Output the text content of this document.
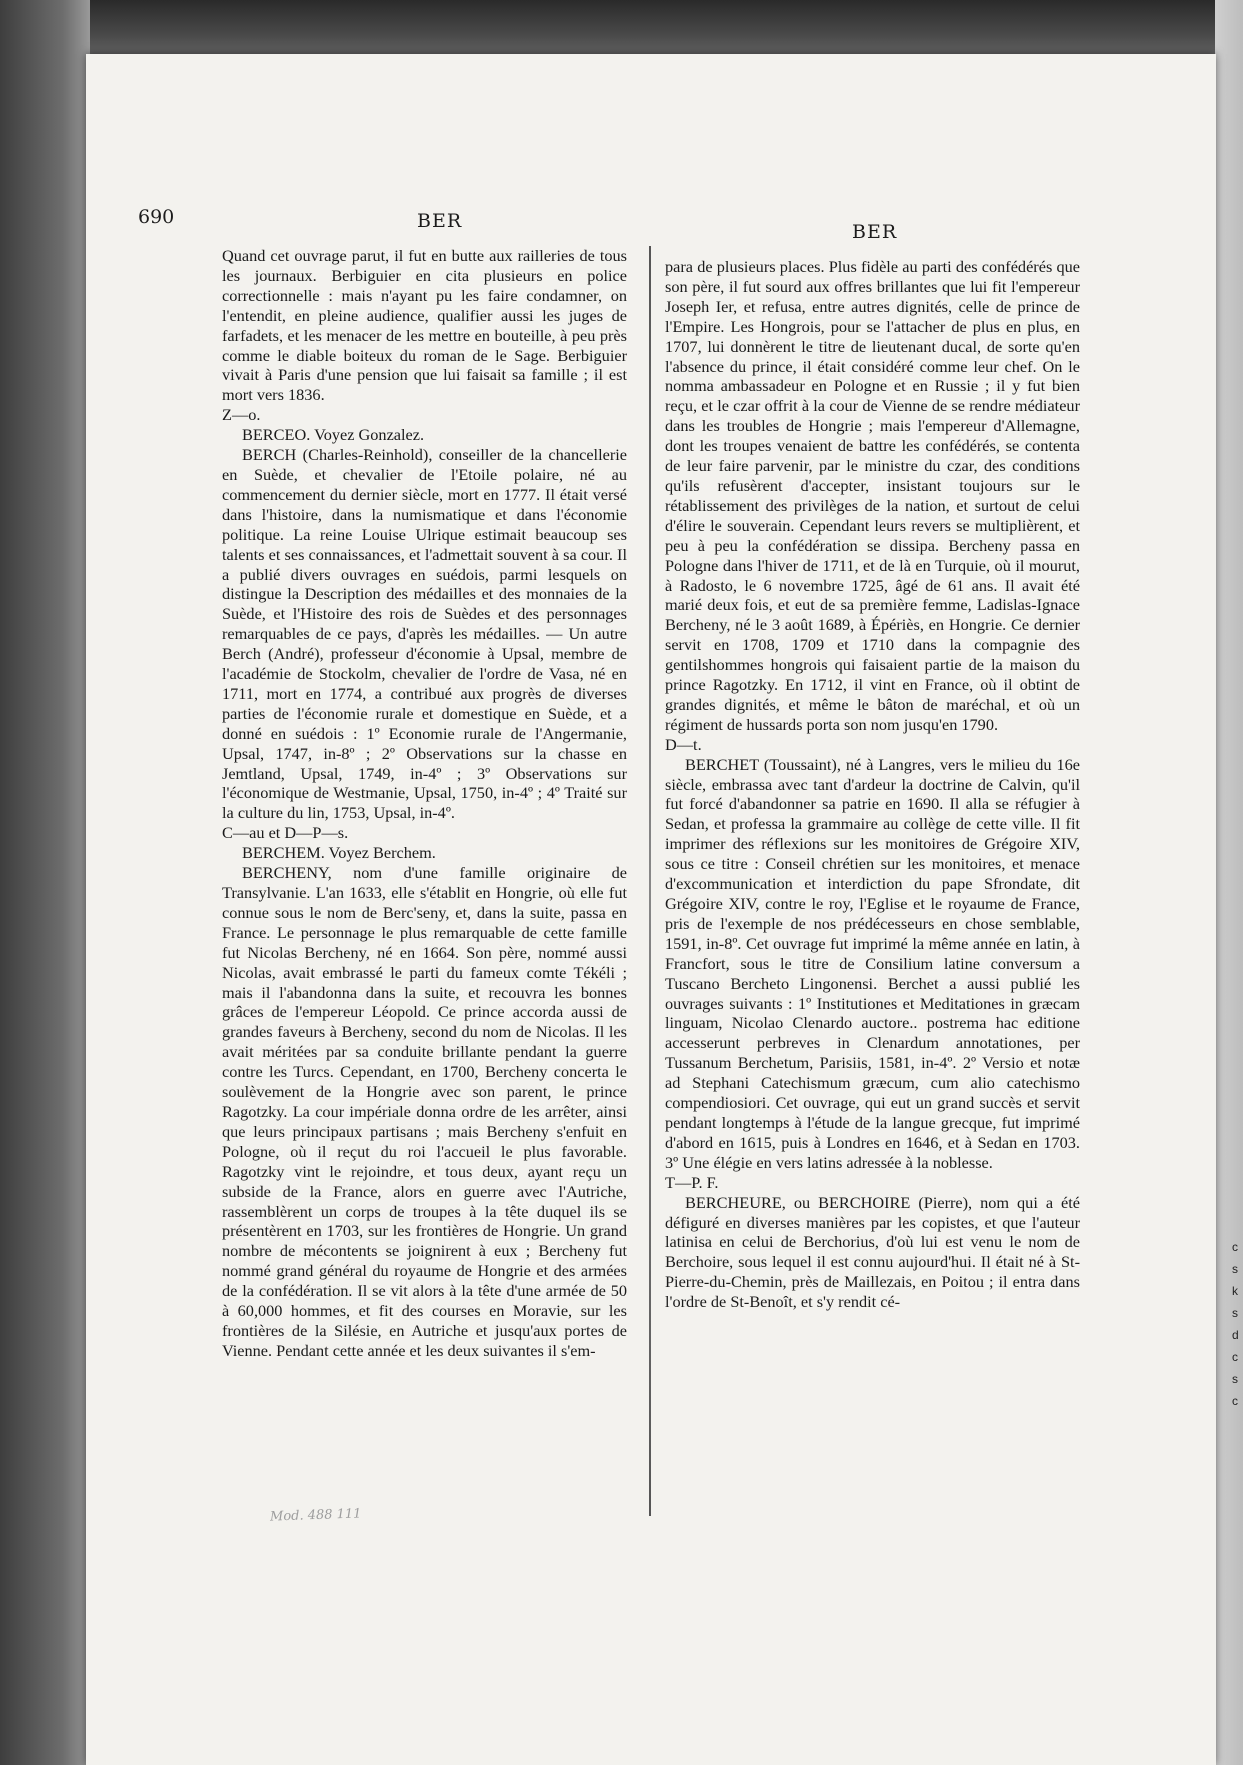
690	BER	BER

Quand cet ouvrage parut, il fut en butte aux railleries de tous les journaux. Berbiguier en cita plusieurs en police correctionnelle : mais n'ayant pu les faire condamner, on l'entendit, en pleine audience, qualifier aussi les juges de farfadets, et les menacer de les mettre en bouteille, à peu près comme le diable boiteux du roman de le Sage. Berbiguier vivait à Paris d'une pension que lui faisait sa famille ; il est mort vers 1836.

Z—o.

BERCEO. Voyez Gonzalez.

BERCH (Charles-Reinhold), conseiller de la chancellerie en Suède, et chevalier de l'Etoile polaire, né au commencement du dernier siècle, mort en 1777. Il était versé dans l'histoire, dans la numismatique et dans l'économie politique. La reine Louise Ulrique estimait beaucoup ses talents et ses connaissances, et l'admettait souvent à sa cour. Il a publié divers ouvrages en suédois, parmi lesquels on distingue la Description des médailles et des monnaies de la Suède, et l'Histoire des rois de Suèdes et des personnages remarquables de ce pays, d'après les médailles. — Un autre Berch (André), professeur d'économie à Upsal, membre de l'académie de Stockolm, chevalier de l'ordre de Vasa, né en 1711, mort en 1774, a contribué aux progrès de diverses parties de l'économie rurale et domestique en Suède, et a donné en suédois : 1º Economie rurale de l'Angermanie, Upsal, 1747, in-8º ; 2º Observations sur la chasse en Jemtland, Upsal, 1749, in-4º ; 3º Observations sur l'économique de Westmanie, Upsal, 1750, in-4º ; 4º Traité sur la culture du lin, 1753, Upsal, in-4º.

C—au et D—P—s.

BERCHEM. Voyez Berchem.

BERCHENY, nom d'une famille originaire de Transylvanie. L'an 1633, elle s'établit en Hongrie, où elle fut connue sous le nom de Berc'seny, et, dans la suite, passa en France. Le personnage le plus remarquable de cette famille fut Nicolas Bercheny, né en 1664. Son père, nommé aussi Nicolas, avait embrassé le parti du fameux comte Tékéli ; mais il l'abandonna dans la suite, et recouvra les bonnes grâces de l'empereur Léopold. Ce prince accorda aussi de grandes faveurs à Bercheny, second du nom de Nicolas. Il les avait méritées par sa conduite brillante pendant la guerre contre les Turcs. Cependant, en 1700, Bercheny concerta le soulèvement de la Hongrie avec son parent, le prince Ragotzky. La cour impériale donna ordre de les arrêter, ainsi que leurs principaux partisans ; mais Bercheny s'enfuit en Pologne, où il reçut du roi l'accueil le plus favorable. Ragotzky vint le rejoindre, et tous deux, ayant reçu un subside de la France, alors en guerre avec l'Autriche, rassemblèrent un corps de troupes à la tête duquel ils se présentèrent en 1703, sur les frontières de Hongrie. Un grand nombre de mécontents se joignirent à eux ; Bercheny fut nommé grand général du royaume de Hongrie et des armées de la confédération. Il se vit alors à la tête d'une armée de 50 à 60,000 hommes, et fit des courses en Moravie, sur les frontières de la Silésie, en Autriche et jusqu'aux portes de Vienne. Pendant cette année et les deux suivantes il s'em-

para de plusieurs places. Plus fidèle au parti des confédérés que son père, il fut sourd aux offres brillantes que lui fit l'empereur Joseph Ier, et refusa, entre autres dignités, celle de prince de l'Empire. Les Hongrois, pour se l'attacher de plus en plus, en 1707, lui donnèrent le titre de lieutenant ducal, de sorte qu'en l'absence du prince, il était considéré comme leur chef. On le nomma ambassadeur en Pologne et en Russie ; il y fut bien reçu, et le czar offrit à la cour de Vienne de se rendre médiateur dans les troubles de Hongrie ; mais l'empereur d'Allemagne, dont les troupes venaient de battre les confédérés, se contenta de leur faire parvenir, par le ministre du czar, des conditions qu'ils refusèrent d'accepter, insistant toujours sur le rétablissement des privilèges de la nation, et surtout de celui d'élire le souverain. Cependant leurs revers se multiplièrent, et peu à peu la confédération se dissipa. Bercheny passa en Pologne dans l'hiver de 1711, et de là en Turquie, où il mourut, à Radosto, le 6 novembre 1725, âgé de 61 ans. Il avait été marié deux fois, et eut de sa première femme, Ladislas-Ignace Bercheny, né le 3 août 1689, à Épériès, en Hongrie. Ce dernier servit en 1708, 1709 et 1710 dans la compagnie des gentilshommes hongrois qui faisaient partie de la maison du prince Ragotzky. En 1712, il vint en France, où il obtint de grandes dignités, et même le bâton de maréchal, et où un régiment de hussards porta son nom jusqu'en 1790.

D—t.

BERCHET (Toussaint), né à Langres, vers le milieu du 16e siècle, embrassa avec tant d'ardeur la doctrine de Calvin, qu'il fut forcé d'abandonner sa patrie en 1690. Il alla se réfugier à Sedan, et professa la grammaire au collège de cette ville. Il fit imprimer des réflexions sur les monitoires de Grégoire XIV, sous ce titre : Conseil chrétien sur les monitoires, et menace d'excommunication et interdiction du pape Sfrondate, dit Grégoire XIV, contre le roy, l'Eglise et le royaume de France, pris de l'exemple de nos prédécesseurs en chose semblable, 1591, in-8º. Cet ouvrage fut imprimé la même année en latin, à Francfort, sous le titre de Consilium latine conversum a Tuscano Bercheto Lingonensi. Berchet a aussi publié les ouvrages suivants : 1º Institutiones et Meditationes in græcam linguam, Nicolao Clenardo auctore.. postrema hac editione accesserunt perbreves in Clenardum annotationes, per Tussanum Berchetum, Parisiis, 1581, in-4º. 2º Versio et notæ ad Stephani Catechismum græcum, cum alio catechismo compendiosiori. Cet ouvrage, qui eut un grand succès et servit pendant longtemps à l'étude de la langue grecque, fut imprimé d'abord en 1615, puis à Londres en 1646, et à Sedan en 1703. 3º Une élégie en vers latins adressée à la noblesse.

T—P. F.

BERCHEURE, ou BERCHOIRE (Pierre), nom qui a été défiguré en diverses manières par les copistes, et que l'auteur latinisa en celui de Berchorius, d'où lui est venu le nom de Berchoire, sous lequel il est connu aujourd'hui. Il était né à St-Pierre-du-Chemin, près de Maillezais, en Poitou ; il entra dans l'ordre de St-Benoît, et s'y rendit cé-

Mod. 488 111
c
s
k
s
d
c
s
c
